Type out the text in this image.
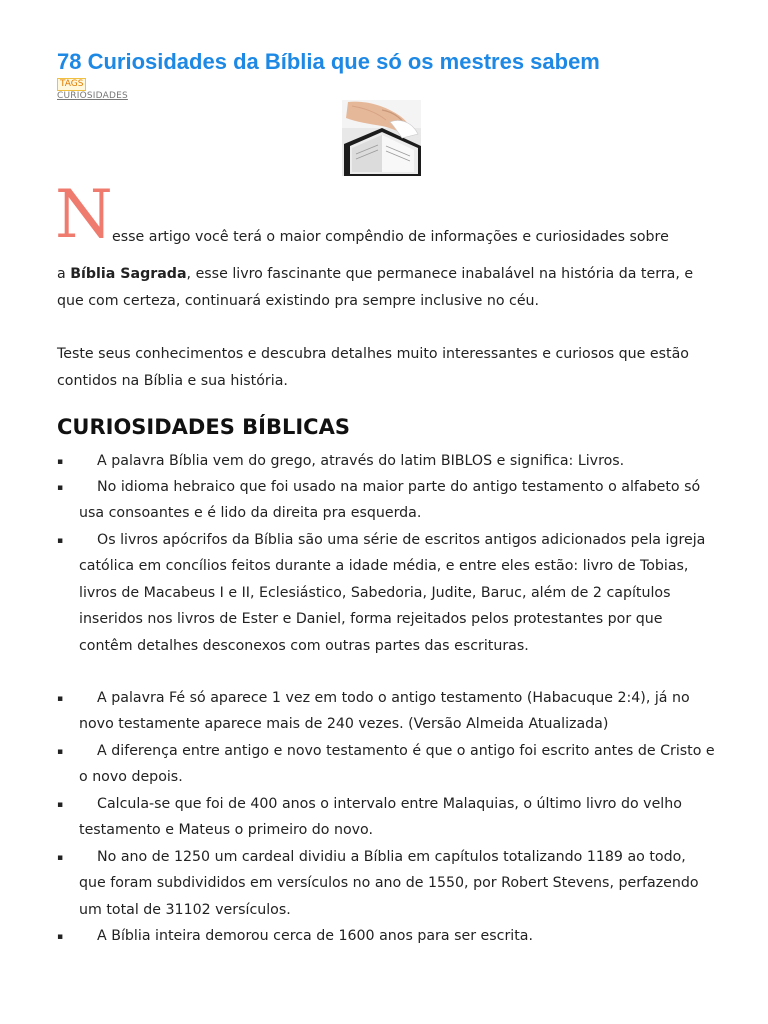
78 Curiosidades da Bíblia que só os mestres sabem
TAGS
CURIOSIDADES
N esse artigo você terá o maior compêndio de informações e curiosidades sobre

a Bíblia Sagrada, esse livro fascinante que permanece inabalável na história da terra, e

que com certeza, continuará existindo pra sempre inclusive no céu.

Teste seus conhecimentos e descubra detalhes muito interessantes e curiosos que estão

contidos na Bíblia e sua história.

CURIOSIDADES BÍBLICAS
▪ A palavra Bíblia vem do grego, através do latim BIBLOS e significa: Livros.

▪ No idioma hebraico que foi usado na maior parte do antigo testamento o alfabeto só

usa consoantes e é lido da direita pra esquerda.

▪ Os livros apócrifos da Bíblia são uma série de escritos antigos adicionados pela igreja

católica em concílios feitos durante a idade média, e entre eles estão: livro de Tobias,

livros de Macabeus I e II, Eclesiástico, Sabedoria, Judite, Baruc, além de 2 capítulos

inseridos nos livros de Ester e Daniel, forma rejeitados pelos protestantes por que

contêm detalhes desconexos com outras partes das escrituras.

▪ A palavra Fé só aparece 1 vez em todo o antigo testamento (Habacuque 2:4), já no

novo testamente aparece mais de 240 vezes. (Versão Almeida Atualizada)

▪ A diferença entre antigo e novo testamento é que o antigo foi escrito antes de Cristo e

o novo depois.

▪ Calcula-se que foi de 400 anos o intervalo entre Malaquias, o último livro do velho

testamento e Mateus o primeiro do novo.

▪ No ano de 1250 um cardeal dividiu a Bíblia em capítulos totalizando 1189 ao todo,

que foram subdivididos em versículos no ano de 1550, por Robert Stevens, perfazendo

um total de 31102 versículos.

▪ A Bíblia inteira demorou cerca de 1600 anos para ser escrita.
